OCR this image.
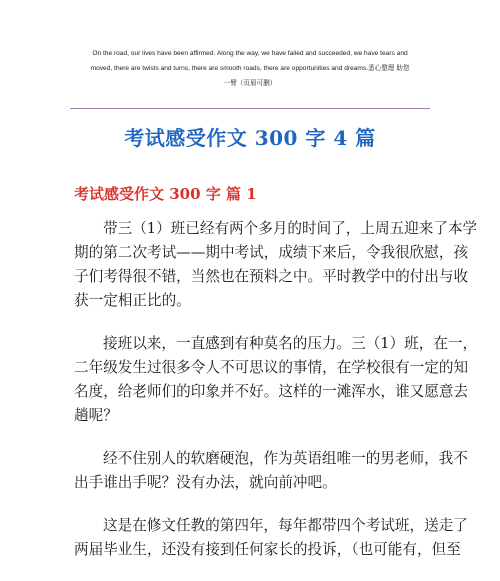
On the road, our lives have been affirmed. Along the way, we have failed and succeeded, we have tears and
moved, there are twists and turns, there are smooth roads, there are opportunities and dreams.悉心整理 助您
一臂（页眉可删）
考试感受作文 300 字 4 篇
考试感受作文 300 字 篇 1
带三（1）班已经有两个多月的时间了，上周五迎来了本学
期的第二次考试——期中考试，成绩下来后，令我很欣慰，孩
子们考得很不错，当然也在预料之中。平时教学中的付出与收
获一定相正比的。
接班以来，一直感到有种莫名的压力。三（1）班，在一，
二年级发生过很多令人不可思议的事情，在学校很有一定的知
名度，给老师们的印象并不好。这样的一滩浑水，谁又愿意去
趟呢？
经不住别人的软磨硬泡，作为英语组唯一的男老师，我不
出手谁出手呢？没有办法，就向前冲吧。
这是在修文任教的第四年，每年都带四个考试班，送走了
两届毕业生，还没有接到任何家长的投诉，（也可能有，但至
